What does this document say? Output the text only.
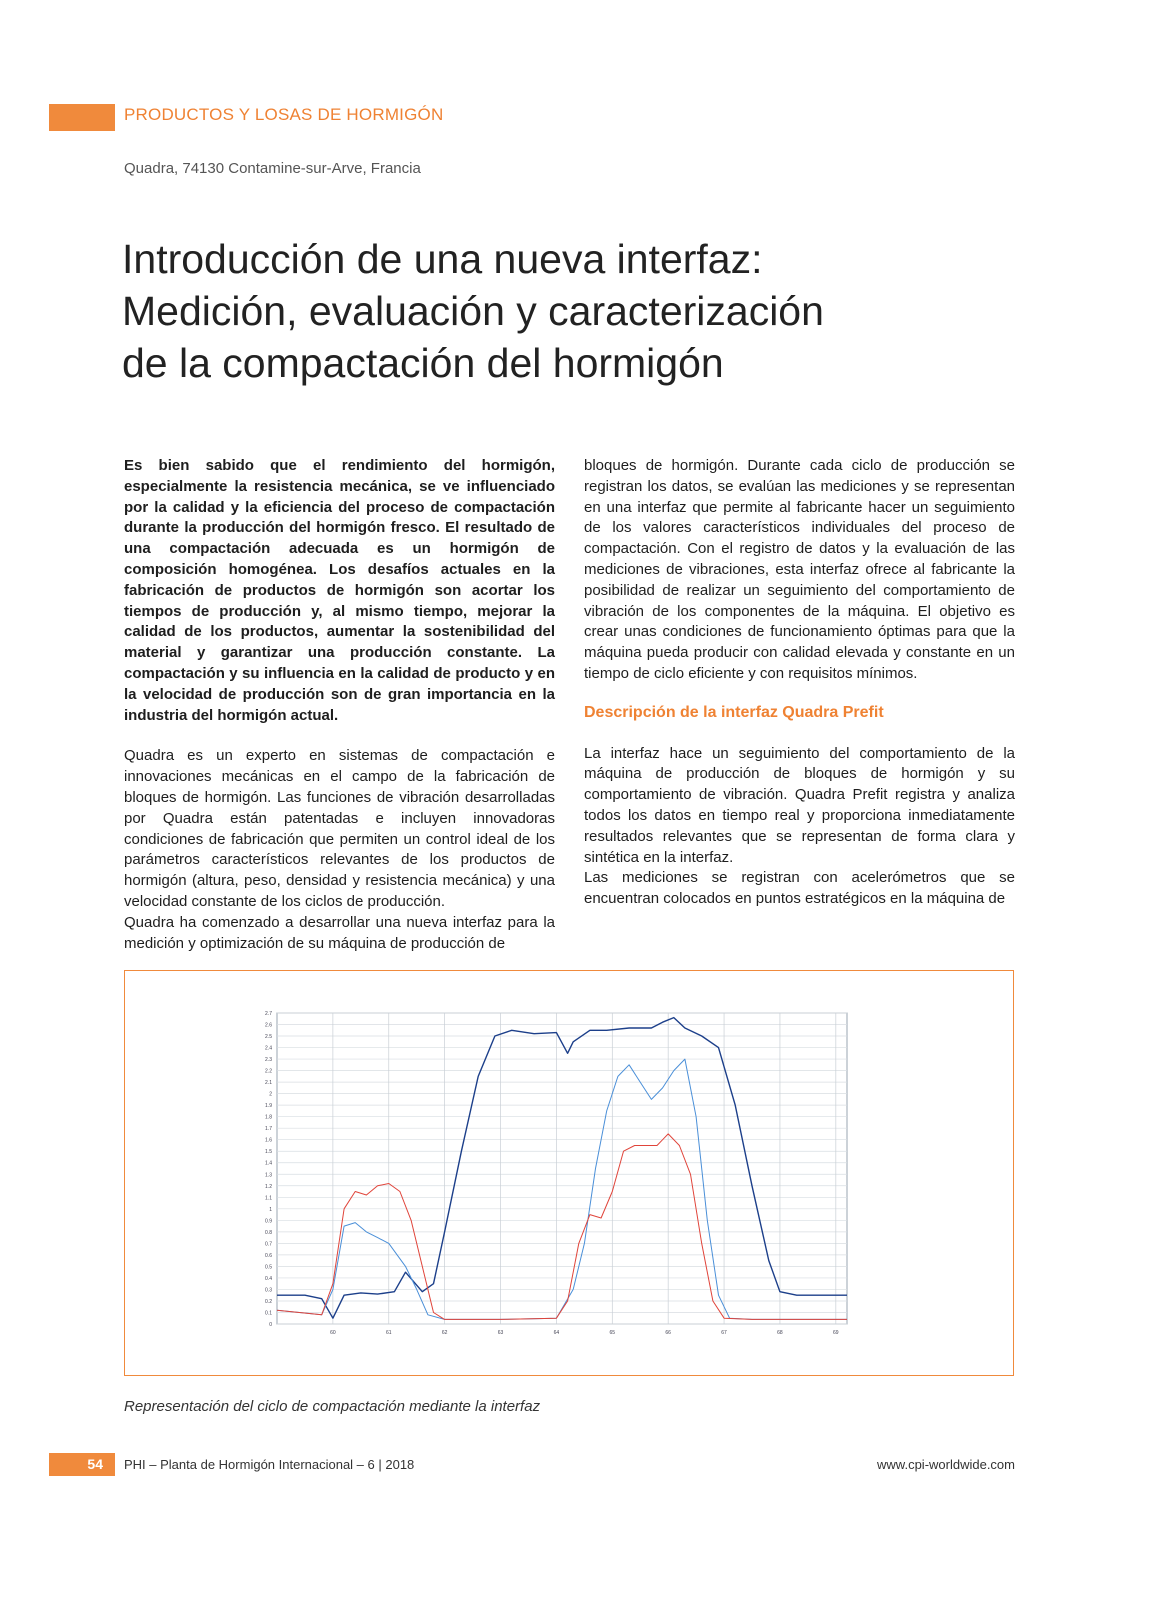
PRODUCTOS Y LOSAS DE HORMIGÓN
Quadra, 74130 Contamine-sur-Arve, Francia
Introducción de una nueva interfaz:
Medición, evaluación y caracterización
de la compactación del hormigón

Es bien sabido que el rendimiento del hormigón, especialmente la resistencia mecánica, se ve influenciado por la calidad y la eficiencia del proceso de compactación durante la producción del hormigón fresco. El resultado de una compactación adecuada es un hormigón de composición homogénea. Los desafíos actuales en la fabricación de productos de hormigón son acortar los tiempos de producción y, al mismo tiempo, mejorar la calidad de los productos, aumentar la sostenibilidad del material y garantizar una producción constante. La compactación y su influencia en la calidad de producto y en la velocidad de producción son de gran importancia en la industria del hormigón actual.

Quadra es un experto en sistemas de compactación e innovaciones mecánicas en el campo de la fabricación de bloques de hormigón. Las funciones de vibración desarrolladas por Quadra están patentadas e incluyen innovadoras condiciones de fabricación que permiten un control ideal de los parámetros característicos relevantes de los productos de hormigón (altura, peso, densidad y resistencia mecánica) y una velocidad constante de los ciclos de producción.

Quadra ha comenzado a desarrollar una nueva interfaz para la medición y optimización de su máquina de producción de

bloques de hormigón. Durante cada ciclo de producción se registran los datos, se evalúan las mediciones y se representan en una interfaz que permite al fabricante hacer un seguimiento de los valores característicos individuales del proceso de compactación. Con el registro de datos y la evaluación de las mediciones de vibraciones, esta interfaz ofrece al fabricante la posibilidad de realizar un seguimiento del comportamiento de vibración de los componentes de la máquina. El objetivo es crear unas condiciones de funcionamiento óptimas para que la máquina pueda producir con calidad elevada y constante en un tiempo de ciclo eficiente y con requisitos mínimos.

Descripción de la interfaz Quadra Prefit

La interfaz hace un seguimiento del comportamiento de la máquina de producción de bloques de hormigón y su comportamiento de vibración. Quadra Prefit registra y analiza todos los datos en tiempo real y proporciona inmediatamente resultados relevantes que se representan de forma clara y sintética en la interfaz.

Las mediciones se registran con acelerómetros que se encuentran colocados en puntos estratégicos en la máquina de

0
0.1
0.2
0.3
0.4
0.5
0.6
0.7
0.8
0.9
1
1.1
1.2
1.3
1.4
1.5
1.6
1.7
1.8
1.9
2
2.1
2.2
2.3
2.4
2.5
2.6
2.7
60	61	62	63	64	65	66	67	68	69
Representación del ciclo de compactación mediante la interfaz
54 PHI – Planta de Hormigón Internacional – 6 | 2018	www.cpi-worldwide.com
